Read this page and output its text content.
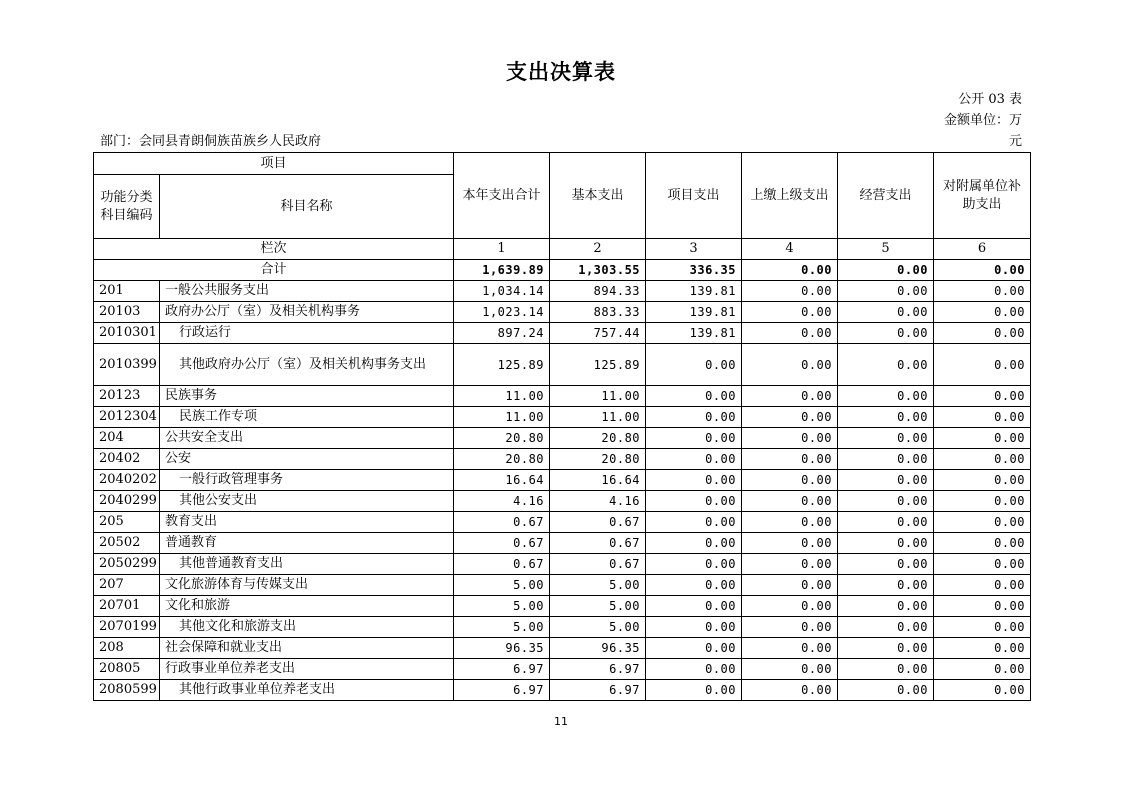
支出决算表
公开 03 表
金额单位：万
元
部门：会同县青朗侗族苗族乡人民政府
项目		本年支出合计	基本支出	项目支出	上缴上级支出	经营支出	对附属单位补助支出
功能分类科目编码	科目名称						
栏次		1	2	3	4	5	6
合计		1,639.89	1,303.55	336.35	0.00	0.00	0.00
201	一般公共服务支出	1,034.14	894.33	139.81	0.00	0.00	0.00
20103	政府办公厅（室）及相关机构事务	1,023.14	883.33	139.81	0.00	0.00	0.00
2010301	行政运行	897.24	757.44	139.81	0.00	0.00	0.00
2010399	其他政府办公厅（室）及相关机构事务支出	125.89	125.89	0.00	0.00	0.00	0.00
20123	民族事务	11.00	11.00	0.00	0.00	0.00	0.00
2012304	民族工作专项	11.00	11.00	0.00	0.00	0.00	0.00
204	公共安全支出	20.80	20.80	0.00	0.00	0.00	0.00
20402	公安	20.80	20.80	0.00	0.00	0.00	0.00
2040202	一般行政管理事务	16.64	16.64	0.00	0.00	0.00	0.00
2040299	其他公安支出	4.16	4.16	0.00	0.00	0.00	0.00
205	教育支出	0.67	0.67	0.00	0.00	0.00	0.00
20502	普通教育	0.67	0.67	0.00	0.00	0.00	0.00
2050299	其他普通教育支出	0.67	0.67	0.00	0.00	0.00	0.00
207	文化旅游体育与传媒支出	5.00	5.00	0.00	0.00	0.00	0.00
20701	文化和旅游	5.00	5.00	0.00	0.00	0.00	0.00
2070199	其他文化和旅游支出	5.00	5.00	0.00	0.00	0.00	0.00
208	社会保障和就业支出	96.35	96.35	0.00	0.00	0.00	0.00
20805	行政事业单位养老支出	6.97	6.97	0.00	0.00	0.00	0.00
2080599	其他行政事业单位养老支出	6.97	6.97	0.00	0.00	0.00	0.00
11
